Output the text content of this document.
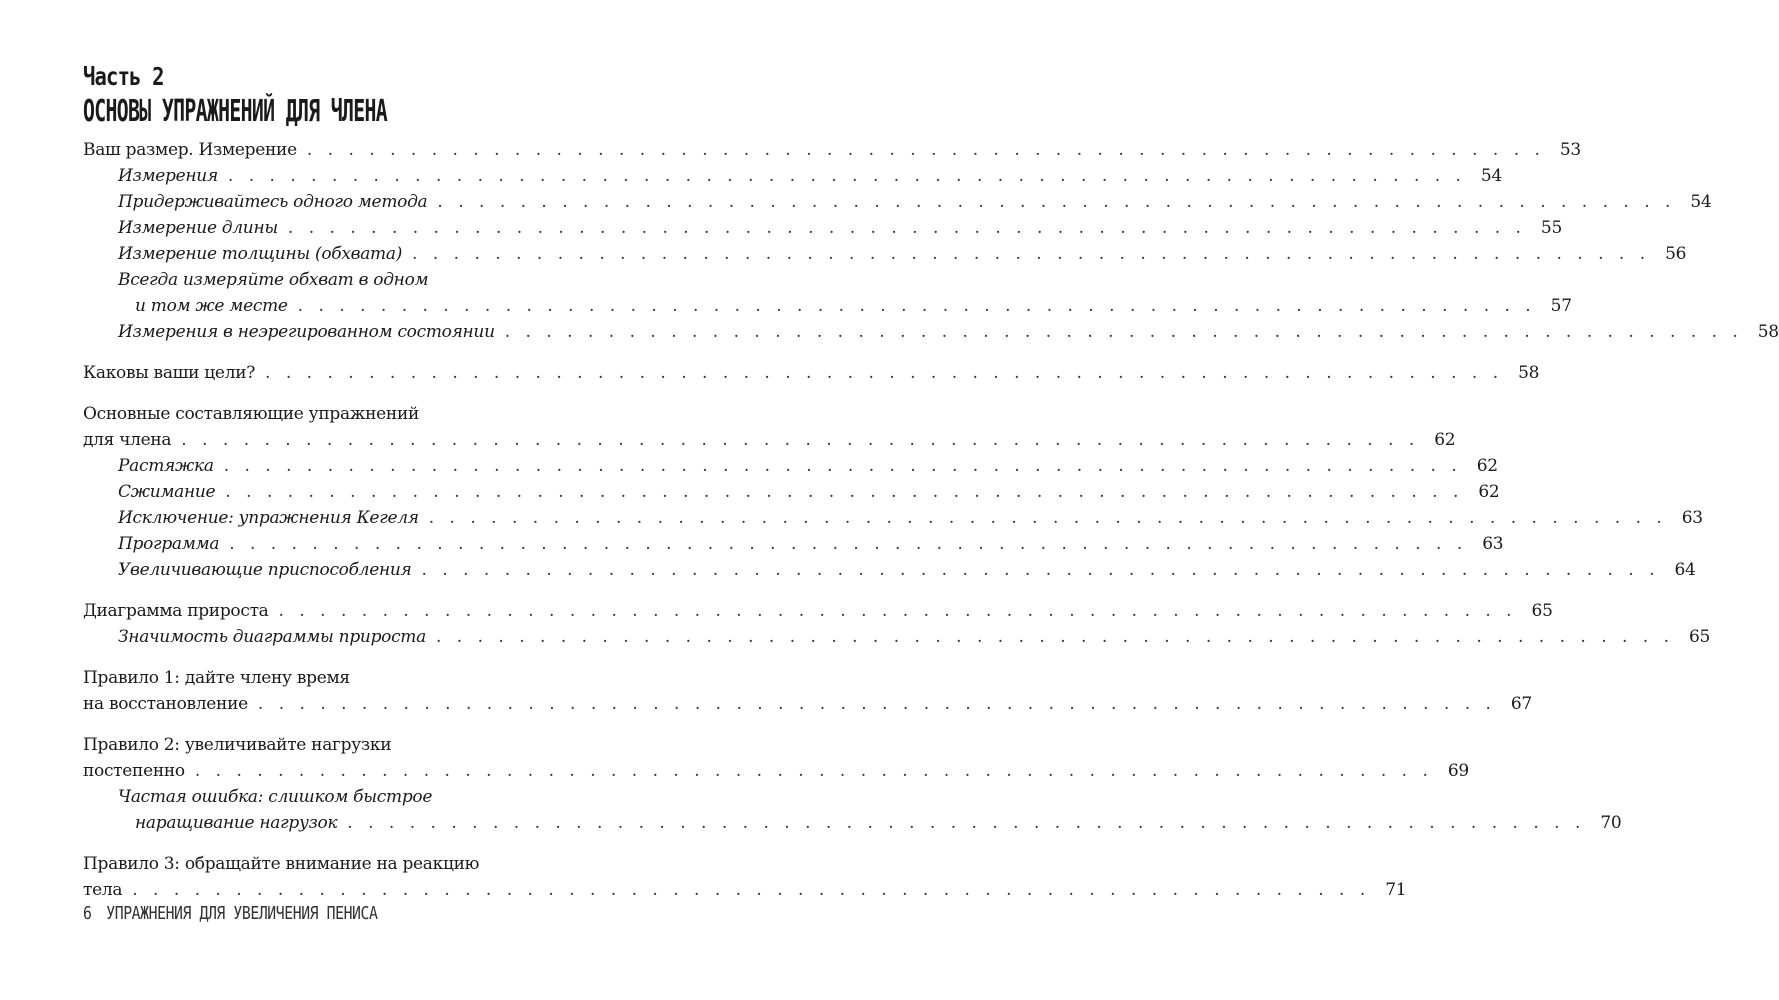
Часть 2
ОСНОВЫ УПРАЖНЕНИЙ ДЛЯ ЧЛЕНА
Ваш размер. Измерение . . . . . . . . . . . . . . . . . . . . . . . . . . . . . . . . . . . . . . . . . . . . . . . . . . . . . . . . . . . . 53
Измерения . . . . . . . . . . . . . . . . . . . . . . . . . . . . . . . . . . . . . . . . . . . . . . . . . . . . . . . . . . . . 54
Придерживайтесь одного метода . . . . . . . . . . . . . . . . . . . . . . . . . . . . . . . . . . . . . . . . . . . . . . . . . . . . . . . . . . . . 54
Измерение длины . . . . . . . . . . . . . . . . . . . . . . . . . . . . . . . . . . . . . . . . . . . . . . . . . . . . . . . . . . . . 55
Измерение толщины (обхвата) . . . . . . . . . . . . . . . . . . . . . . . . . . . . . . . . . . . . . . . . . . . . . . . . . . . . . . . . . . . . 56
Всегда измеряйте обхват в одном
и том же месте . . . . . . . . . . . . . . . . . . . . . . . . . . . . . . . . . . . . . . . . . . . . . . . . . . . . . . . . . . . . 57
Измерения в неэрегированном состоянии . . . . . . . . . . . . . . . . . . . . . . . . . . . . . . . . . . . . . . . . . . . . . . . . . . . . . . . . . . . . 58
Каковы ваши цели? . . . . . . . . . . . . . . . . . . . . . . . . . . . . . . . . . . . . . . . . . . . . . . . . . . . . . . . . . . . . 58
Основные составляющие упражнений
для члена . . . . . . . . . . . . . . . . . . . . . . . . . . . . . . . . . . . . . . . . . . . . . . . . . . . . . . . . . . . . 62
Растяжка . . . . . . . . . . . . . . . . . . . . . . . . . . . . . . . . . . . . . . . . . . . . . . . . . . . . . . . . . . . . 62
Сжимание . . . . . . . . . . . . . . . . . . . . . . . . . . . . . . . . . . . . . . . . . . . . . . . . . . . . . . . . . . . . 62
Исключение: упражнения Кегеля . . . . . . . . . . . . . . . . . . . . . . . . . . . . . . . . . . . . . . . . . . . . . . . . . . . . . . . . . . . . 63
Программа . . . . . . . . . . . . . . . . . . . . . . . . . . . . . . . . . . . . . . . . . . . . . . . . . . . . . . . . . . . . 63
Увеличивающие приспособления . . . . . . . . . . . . . . . . . . . . . . . . . . . . . . . . . . . . . . . . . . . . . . . . . . . . . . . . . . . . 64
Диаграмма прироста . . . . . . . . . . . . . . . . . . . . . . . . . . . . . . . . . . . . . . . . . . . . . . . . . . . . . . . . . . . . 65
Значимость диаграммы прироста . . . . . . . . . . . . . . . . . . . . . . . . . . . . . . . . . . . . . . . . . . . . . . . . . . . . . . . . . . . . 65
Правило 1: дайте члену время
на восстановление . . . . . . . . . . . . . . . . . . . . . . . . . . . . . . . . . . . . . . . . . . . . . . . . . . . . . . . . . . . . 67
Правило 2: увеличивайте нагрузки
постепенно . . . . . . . . . . . . . . . . . . . . . . . . . . . . . . . . . . . . . . . . . . . . . . . . . . . . . . . . . . . . 69
Частая ошибка: слишком быстрое
наращивание нагрузок . . . . . . . . . . . . . . . . . . . . . . . . . . . . . . . . . . . . . . . . . . . . . . . . . . . . . . . . . . . . 70
Правило 3: обращайте внимание на реакцию
тела . . . . . . . . . . . . . . . . . . . . . . . . . . . . . . . . . . . . . . . . . . . . . . . . . . . . . . . . . . . . 71
6 УПРАЖНЕНИЯ ДЛЯ УВЕЛИЧЕНИЯ ПЕНИСА
